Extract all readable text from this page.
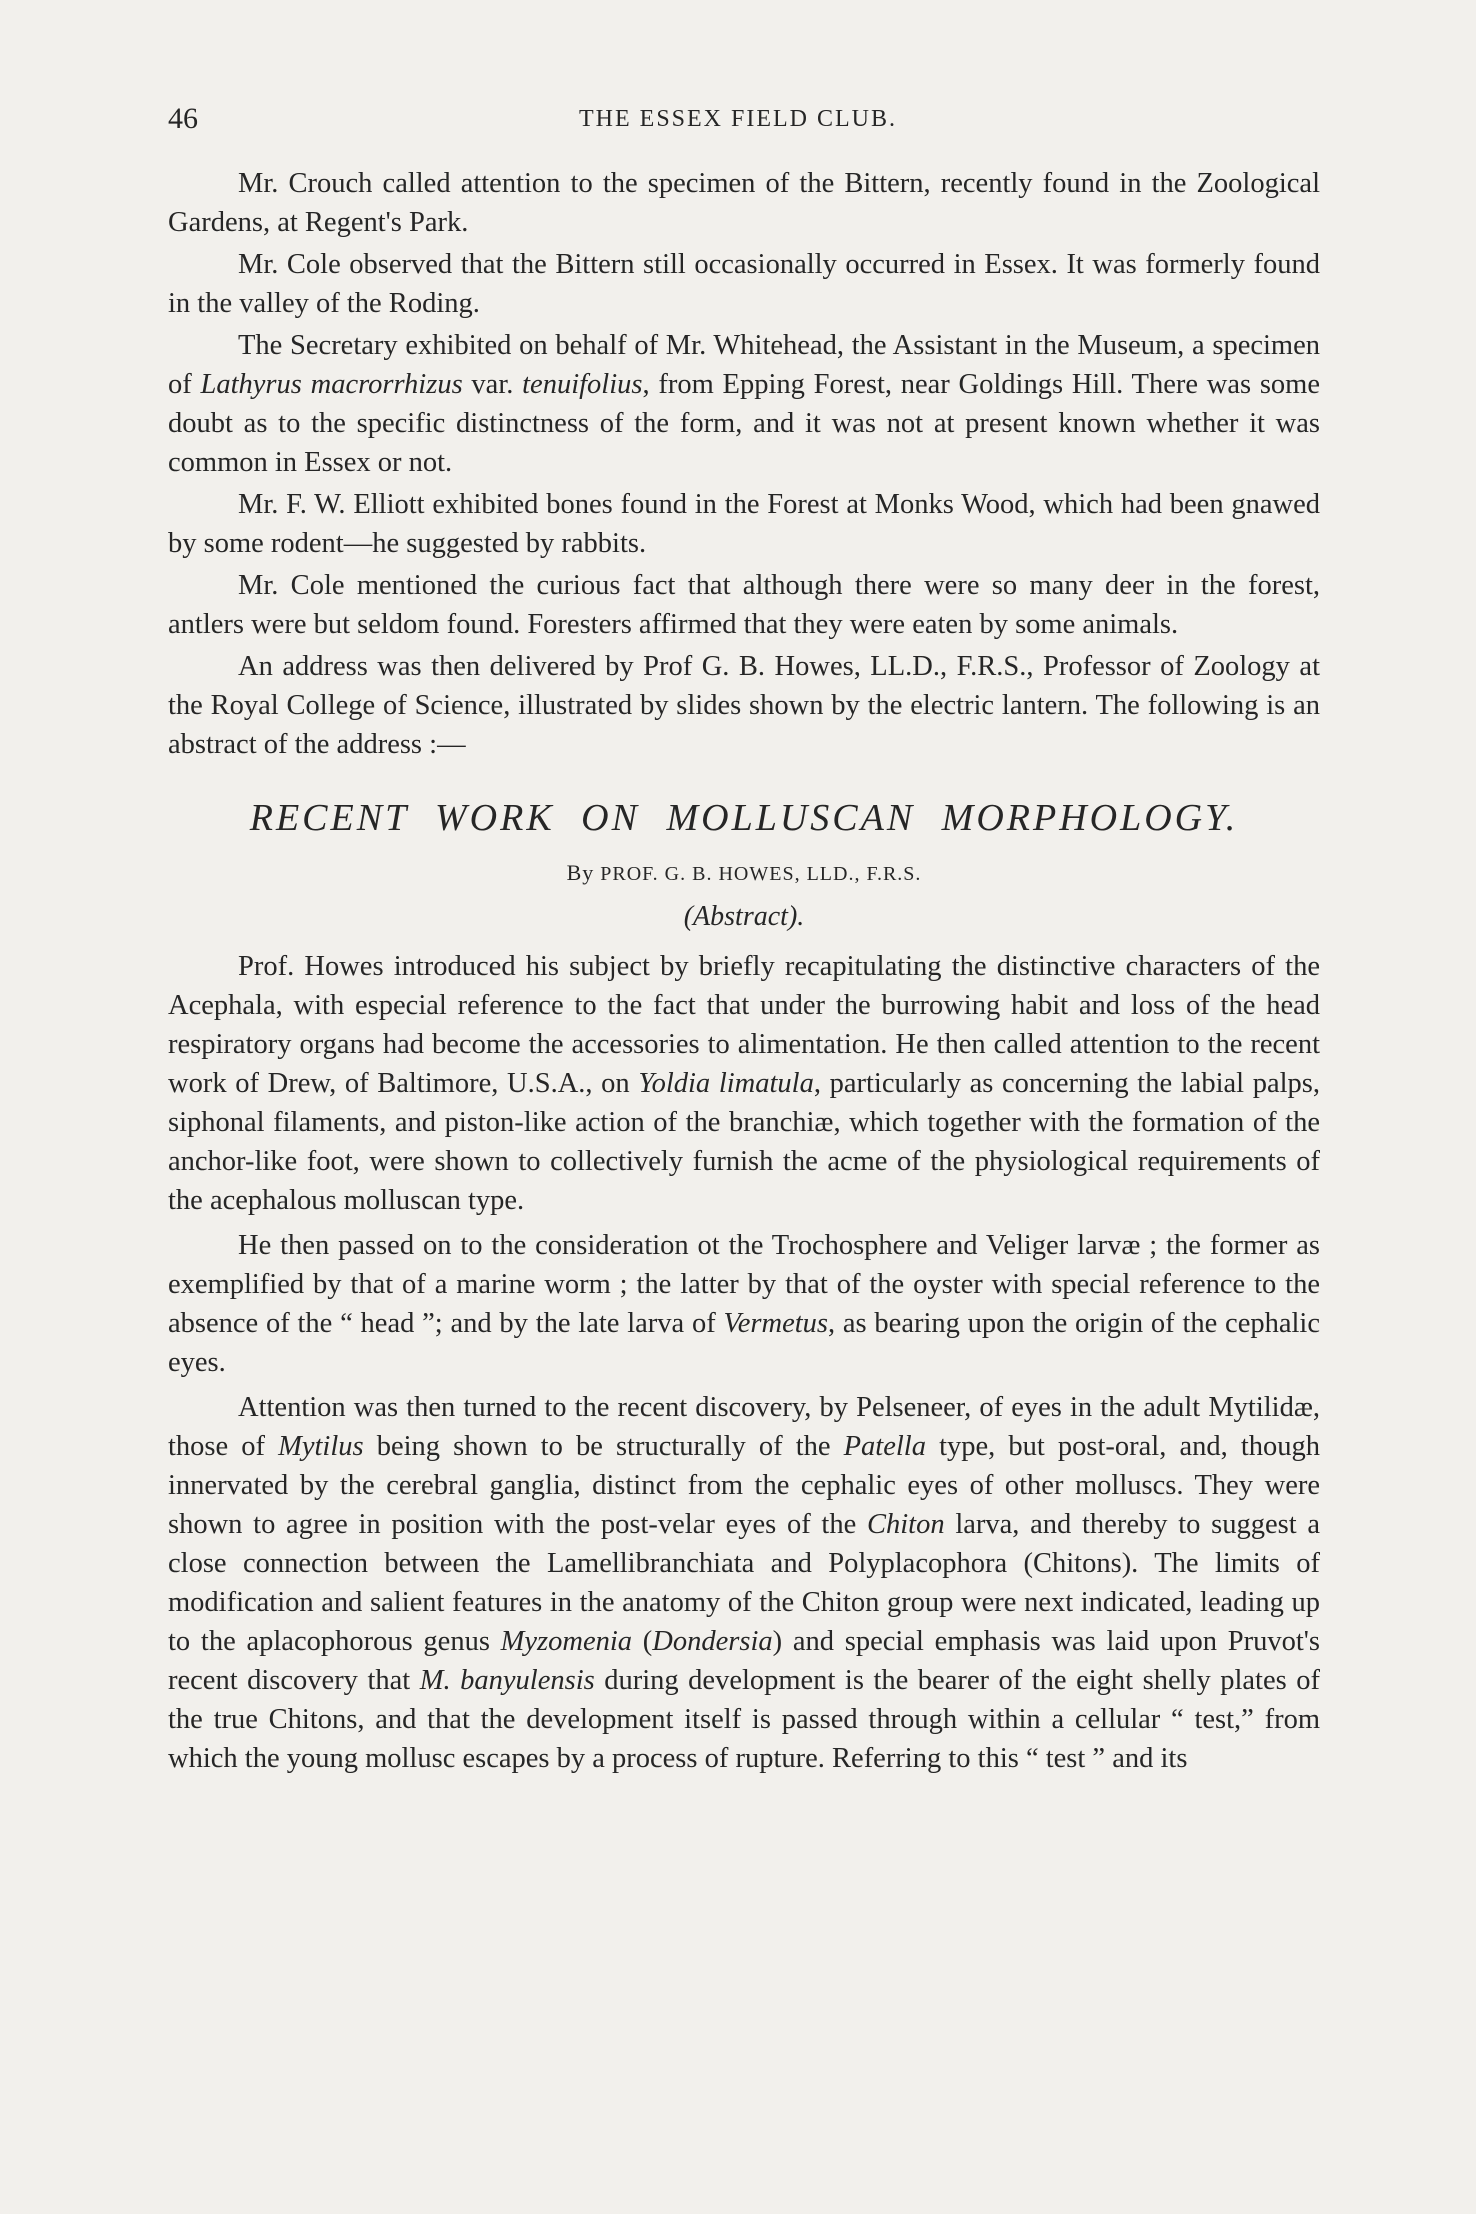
46	THE ESSEX FIELD CLUB.

Mr. Crouch called attention to the specimen of the Bittern, recently found in the Zoological Gardens, at Regent's Park.

Mr. Cole observed that the Bittern still occasionally occurred in Essex. It was formerly found in the valley of the Roding.

The Secretary exhibited on behalf of Mr. Whitehead, the Assistant in the Museum, a specimen of Lathyrus macrorrhizus var. tenuifolius, from Epping Forest, near Goldings Hill. There was some doubt as to the specific distinctness of the form, and it was not at present known whether it was common in Essex or not.

Mr. F. W. Elliott exhibited bones found in the Forest at Monks Wood, which had been gnawed by some rodent—he suggested by rabbits.

Mr. Cole mentioned the curious fact that although there were so many deer in the forest, antlers were but seldom found. Foresters affirmed that they were eaten by some animals.

An address was then delivered by Prof G. B. Howes, LL.D., F.R.S., Professor of Zoology at the Royal College of Science, illustrated by slides shown by the electric lantern. The following is an abstract of the address :—

RECENT WORK ON MOLLUSCAN MORPHOLOGY.
By PROF. G. B. HOWES, LLD., F.R.S.
(Abstract).

Prof. Howes introduced his subject by briefly recapitulating the distinctive characters of the Acephala, with especial reference to the fact that under the burrowing habit and loss of the head respiratory organs had become the accessories to alimentation. He then called attention to the recent work of Drew, of Baltimore, U.S.A., on Yoldia limatula, particularly as concerning the labial palps, siphonal filaments, and piston-like action of the branchiæ, which together with the formation of the anchor-like foot, were shown to collectively furnish the acme of the physiological requirements of the acephalous molluscan type.

He then passed on to the consideration ot the Trochosphere and Veliger larvæ ; the former as exemplified by that of a marine worm ; the latter by that of the oyster with special reference to the absence of the “ head ”; and by the late larva of Vermetus, as bearing upon the origin of the cephalic eyes.

Attention was then turned to the recent discovery, by Pelseneer, of eyes in the adult Mytilidæ, those of Mytilus being shown to be structurally of the Patella type, but post-oral, and, though innervated by the cerebral ganglia, distinct from the cephalic eyes of other molluscs. They were shown to agree in position with the post-velar eyes of the Chiton larva, and thereby to suggest a close connection between the Lamellibranchiata and Polyplacophora (Chitons). The limits of modification and salient features in the anatomy of the Chiton group were next indicated, leading up to the aplacophorous genus Myzomenia (Dondersia) and special emphasis was laid upon Pruvot's recent discovery that M. banyulensis during development is the bearer of the eight shelly plates of the true Chitons, and that the development itself is passed through within a cellular “ test,” from which the young mollusc escapes by a process of rupture. Referring to this “ test ” and its
